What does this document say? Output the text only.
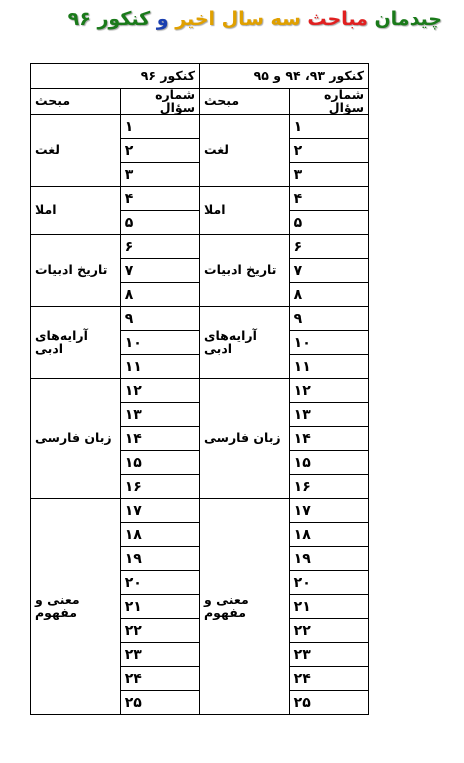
چیدمان مباحث سه سال اخیر و کنکور ۹۶
کنکور ۹۳، ۹۴ و ۹۵		کنکور ۹۶	
شماره سؤال	مبحث	شماره سؤال	مبحث
۱	لغت	۱	لغت
۲		۲	
۳		۳	
۴	املا	۴	املا
۵		۵	
۶	تاریخ ادبیات	۶	تاریخ ادبیات
۷		۷	
۸		۸	
۹	آرایه‌های ادبی	۹	آرایه‌های ادبی
۱۰		۱۰	
۱۱		۱۱	
۱۲	زبان فارسی	۱۲	زبان فارسی
۱۳		۱۳	
۱۴		۱۴	
۱۵		۱۵	
۱۶		۱۶	
۱۷	معنی و مفهوم	۱۷	معنی و مفهوم
۱۸		۱۸	
۱۹		۱۹	
۲۰		۲۰	
۲۱		۲۱	
۲۲		۲۲	
۲۳		۲۳	
۲۴		۲۴	
۲۵		۲۵	
